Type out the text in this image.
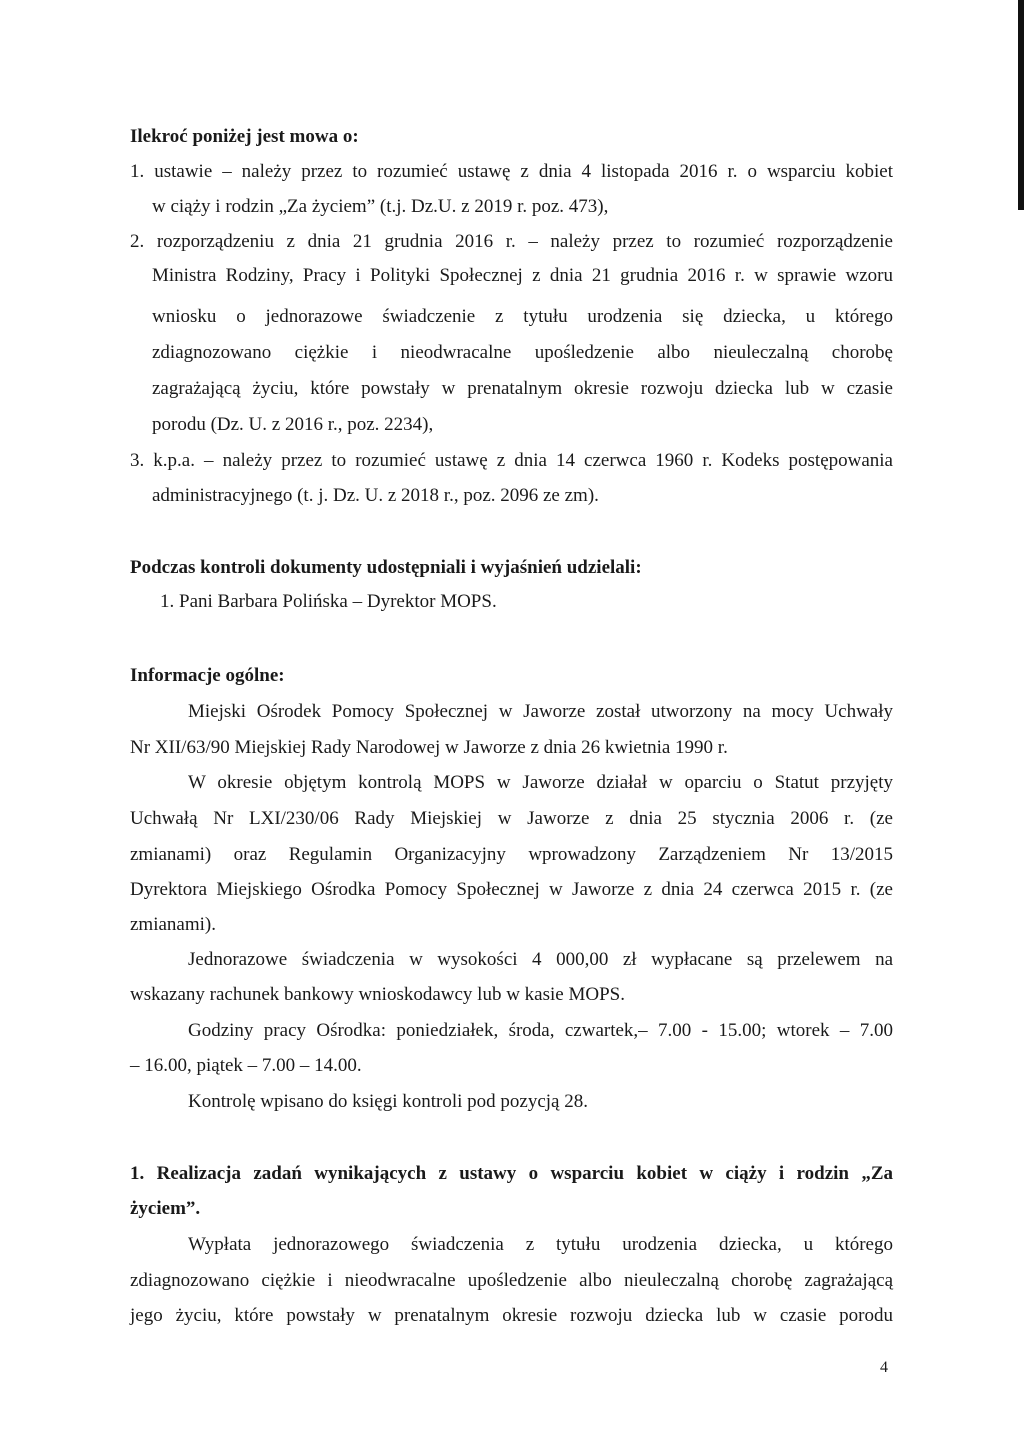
Ilekroć poniżej jest mowa o:
1. ustawie – należy przez to rozumieć ustawę z dnia 4 listopada 2016 r. o wsparciu kobiet
w ciąży i rodzin „Za życiem” (t.j. Dz.U. z 2019 r. poz. 473),
2. rozporządzeniu z dnia 21 grudnia 2016 r. – należy przez to rozumieć rozporządzenie
Ministra Rodziny, Pracy i Polityki Społecznej z dnia 21 grudnia 2016 r. w sprawie wzoru
wniosku o jednorazowe świadczenie z tytułu urodzenia się dziecka, u którego
zdiagnozowano ciężkie i nieodwracalne upośledzenie albo nieuleczalną chorobę
zagrażającą życiu, które powstały w prenatalnym okresie rozwoju dziecka lub w czasie
porodu (Dz. U. z 2016 r., poz. 2234),
3. k.p.a. – należy przez to rozumieć ustawę z dnia 14 czerwca 1960 r. Kodeks postępowania
administracyjnego (t. j. Dz. U. z 2018 r., poz. 2096 ze zm).
Podczas kontroli dokumenty udostępniali i wyjaśnień udzielali:
1. Pani Barbara Polińska – Dyrektor MOPS.
Informacje ogólne:
Miejski Ośrodek Pomocy Społecznej w Jaworze został utworzony na mocy Uchwały
Nr XII/63/90 Miejskiej Rady Narodowej w Jaworze z dnia 26 kwietnia 1990 r.
W okresie objętym kontrolą MOPS w Jaworze działał w oparciu o Statut przyjęty
Uchwałą Nr LXI/230/06 Rady Miejskiej w Jaworze z dnia 25 stycznia 2006 r. (ze
zmianami) oraz Regulamin Organizacyjny wprowadzony Zarządzeniem Nr 13/2015
Dyrektora Miejskiego Ośrodka Pomocy Społecznej w Jaworze z dnia 24 czerwca 2015 r. (ze
zmianami).
Jednorazowe świadczenia w wysokości 4 000,00 zł wypłacane są przelewem na
wskazany rachunek bankowy wnioskodawcy lub w kasie MOPS.
Godziny pracy Ośrodka: poniedziałek, środa, czwartek,– 7.00 - 15.00; wtorek – 7.00
– 16.00, piątek – 7.00 – 14.00.
Kontrolę wpisano do księgi kontroli pod pozycją 28.
1. Realizacja zadań wynikających z ustawy o wsparciu kobiet w ciąży i rodzin „Za
życiem”.
Wypłata jednorazowego świadczenia z tytułu urodzenia dziecka, u którego
zdiagnozowano ciężkie i nieodwracalne upośledzenie albo nieuleczalną chorobę zagrażającą
jego życiu, które powstały w prenatalnym okresie rozwoju dziecka lub w czasie porodu
4
